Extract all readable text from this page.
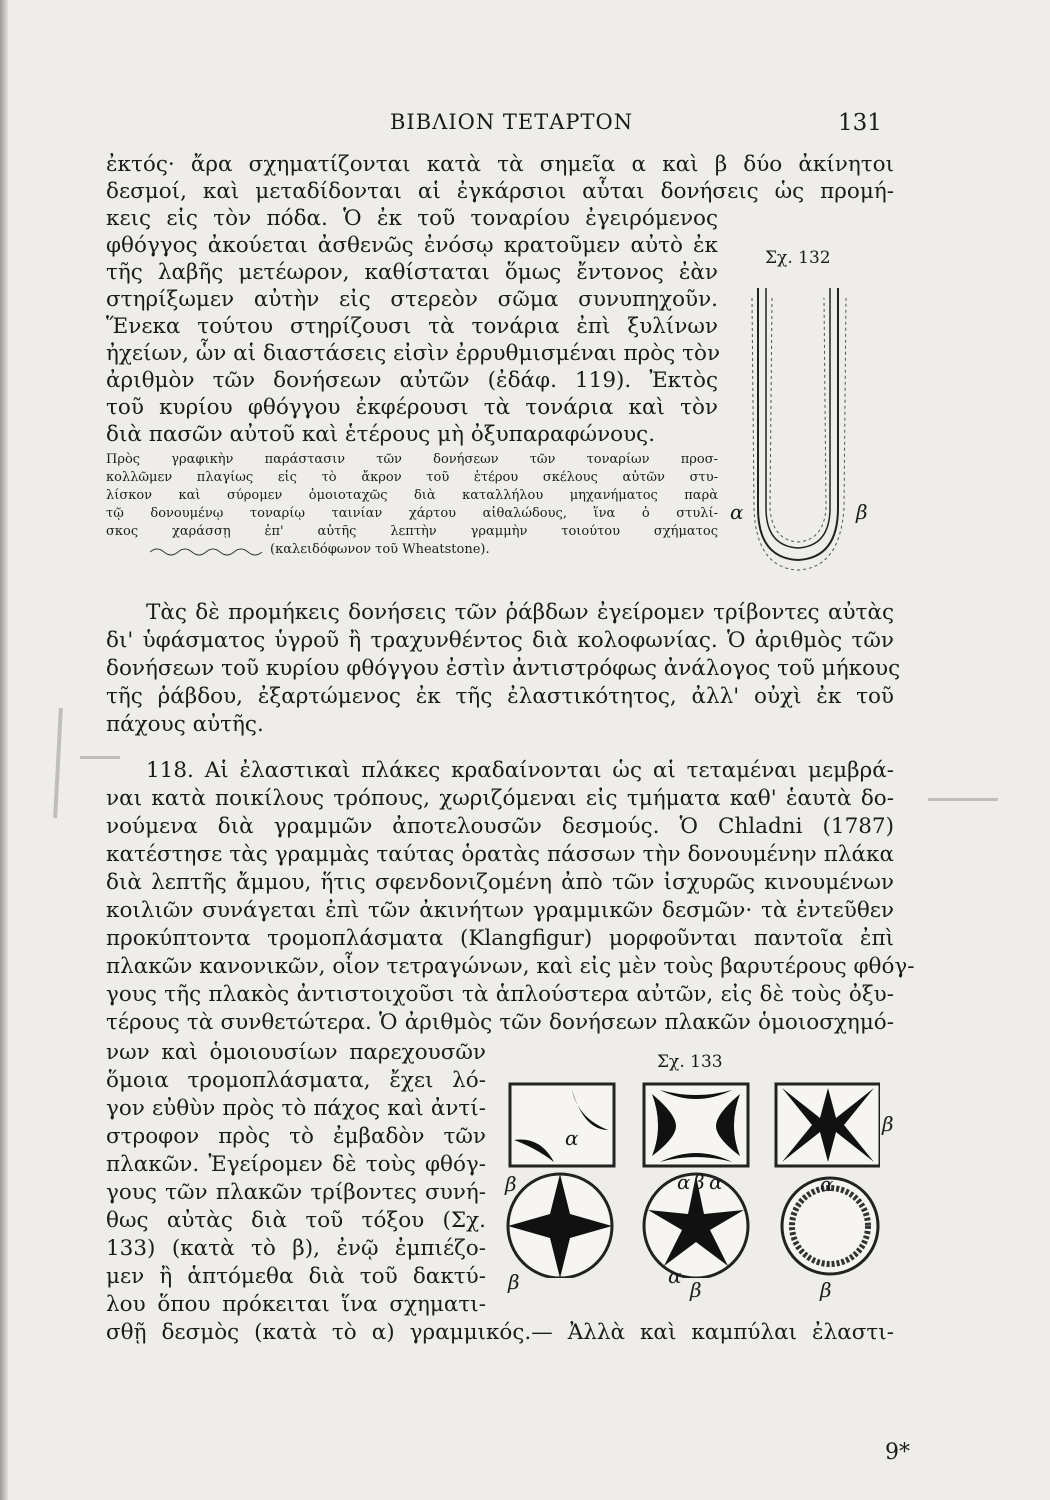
ΒΙΒΛΙΟΝ ΤΕΤΑΡΤΟΝ	131
ἐκτός· ἄρα σχηματίζονται κατὰ τὰ σημεῖα α καὶ β δύο ἀκίνητοι
δεσμοί, καὶ μεταδίδονται αἱ ἐγκάρσιοι αὗται δονήσεις ὡς προμή-
κεις εἰς τὸν πόδα. Ὁ ἐκ τοῦ τοναρίου ἐγειρόμενος
φθόγγος ἀκούεται ἀσθενῶς ἐνόσῳ κρατοῦμεν αὐτὸ ἐκ
τῆς λαβῆς μετέωρον, καθίσταται ὅμως ἔντονος ἐὰν
στηρίξωμεν αὐτὴν εἰς στερεὸν σῶμα συνυπηχοῦν.
Ἕνεκα τούτου στηρίζουσι τὰ τονάρια ἐπὶ ξυλίνων
ἠχείων, ὧν αἱ διαστάσεις εἰσὶν ἐρρυθμισμέναι πρὸς τὸν
ἀριθμὸν τῶν δονήσεων αὐτῶν (ἐδάφ. 119). Ἐκτὸς
τοῦ κυρίου φθόγγου ἐκφέρουσι τὰ τονάρια καὶ τὸν
διὰ πασῶν αὐτοῦ καὶ ἑτέρους μὴ ὀξυπαραφώνους.
Πρὸς γραφικὴν παράστασιν τῶν δονήσεων τῶν τοναρίων προσ-
κολλῶμεν πλαγίως εἰς τὸ ἄκρον τοῦ ἑτέρου σκέλους αὐτῶν στυ-
λίσκον καὶ σύρομεν ὁμοιοταχῶς διὰ καταλλήλου μηχανήματος παρὰ
τῷ δονουμένῳ τοναρίῳ ταινίαν χάρτου αἰθαλώδους, ἵνα ὁ στυλί-
σκος χαράσσῃ ἐπ' αὐτῆς λεπτὴν γραμμὴν τοιούτου σχήματος
(καλειδόφωνον τοῦ Wheatstone).
Τὰς δὲ προμήκεις δονήσεις τῶν ῥάβδων ἐγείρομεν τρίβοντες αὐτὰς
δι' ὑφάσματος ὑγροῦ ἢ τραχυνθέντος διὰ κολοφωνίας. Ὁ ἀριθμὸς τῶν
δονήσεων τοῦ κυρίου φθόγγου ἐστὶν ἀντιστρόφως ἀνάλογος τοῦ μήκους
τῆς ῥάβδου, ἐξαρτώμενος ἐκ τῆς ἐλαστικότητος, ἀλλ' οὐχὶ ἐκ τοῦ
πάχους αὐτῆς.
118. Αἱ ἐλαστικαὶ πλάκες κραδαίνονται ὡς αἱ τεταμέναι μεμβρά-
ναι κατὰ ποικίλους τρόπους, χωριζόμεναι εἰς τμήματα καθ' ἑαυτὰ δο-
νούμενα διὰ γραμμῶν ἀποτελουσῶν δεσμούς. Ὁ Chladni (1787)
κατέστησε τὰς γραμμὰς ταύτας ὁρατὰς πάσσων τὴν δονουμένην πλάκα
διὰ λεπτῆς ἄμμου, ἥτις σφενδονιζομένη ἀπὸ τῶν ἰσχυρῶς κινουμένων
κοιλιῶν συνάγεται ἐπὶ τῶν ἀκινήτων γραμμικῶν δεσμῶν· τὰ ἐντεῦθεν
προκύπτοντα τρομοπλάσματα (Klangfigur) μορφοῦνται παντοῖα ἐπὶ
πλακῶν κανονικῶν, οἷον τετραγώνων, καὶ εἰς μὲν τοὺς βαρυτέρους φθόγ-
γους τῆς πλακὸς ἀντιστοιχοῦσι τὰ ἁπλούστερα αὐτῶν, εἰς δὲ τοὺς ὀξυ-
τέρους τὰ συνθετώτερα. Ὁ ἀριθμὸς τῶν δονήσεων πλακῶν ὁμοιοσχημό-
νων καὶ ὁμοιουσίων παρεχουσῶν
ὅμοια τρομοπλάσματα, ἔχει λό-
γον εὐθὺν πρὸς τὸ πάχος καὶ ἀντί-
στροφον πρὸς τὸ ἐμβαδὸν τῶν
πλακῶν. Ἐγείρομεν δὲ τοὺς φθόγ-
γους τῶν πλακῶν τρίβοντες συνή-
θως αὐτὰς διὰ τοῦ τόξου (Σχ.
133) (κατὰ τὸ β), ἐνῷ ἐμπιέζο-
μεν ἢ ἁπτόμεθα διὰ τοῦ δακτύ-
λου ὅπου πρόκειται ἵνα σχηματι-
σθῇ δεσμὸς (κατὰ τὸ α) γραμμικός.— Ἀλλὰ καὶ καμπύλαι ἐλαστι-
9*
Σχ. 132
α	β
Σχ. 133
α
β	α β α
β
α
β	α
β	β
